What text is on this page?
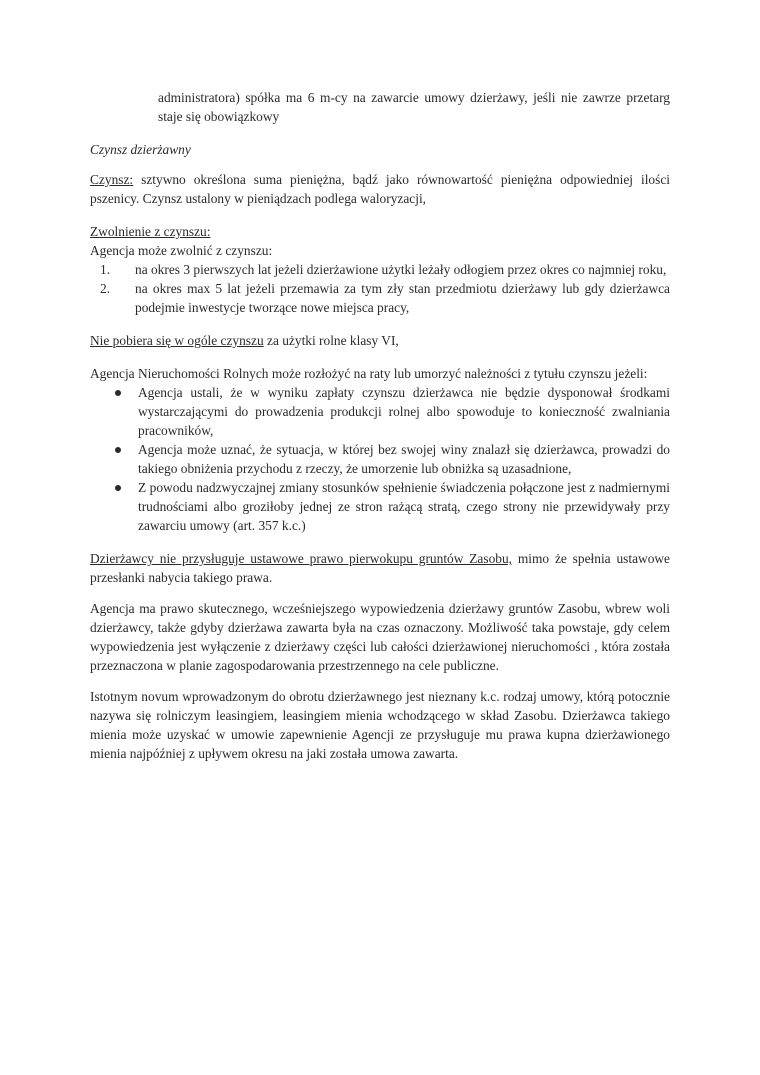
administratora) spółka ma 6 m-cy na zawarcie umowy dzierżawy, jeśli nie zawrze przetarg staje się obowiązkowy

Czynsz dzierżawny

Czynsz: sztywno określona suma pieniężna, bądź jako równowartość pieniężna odpowiedniej ilości pszenicy. Czynsz ustalony w pieniądzach podlega waloryzacji,

Zwolnienie z czynszu:

Agencja może zwolnić z czynszu:

1.	na okres 3 pierwszych lat jeżeli dzierżawione użytki leżały odłogiem przez okres co najmniej roku,
2.	na okres max 5 lat jeżeli przemawia za tym zły stan przedmiotu dzierżawy lub gdy dzierżawca podejmie inwestycje tworzące nowe miejsca pracy,

Nie pobiera się w ogóle czynszu za użytki rolne klasy VI,

Agencja Nieruchomości Rolnych może rozłożyć na raty lub umorzyć należności z tytułu czynszu jeżeli:

Agencja ustali, że w wyniku zapłaty czynszu dzierżawca nie będzie dysponował środkami wystarczającymi do prowadzenia produkcji rolnej albo spowoduje to konieczność zwalniania pracowników,
Agencja może uznać, że sytuacja, w której bez swojej winy znalazł się dzierżawca, prowadzi do takiego obniżenia przychodu z rzeczy, że umorzenie lub obniżka są uzasadnione,
Z powodu nadzwyczajnej zmiany stosunków spełnienie świadczenia połączone jest z nadmiernymi trudnościami albo groziłoby jednej ze stron rażącą stratą, czego strony nie przewidywały przy zawarciu umowy (art. 357 k.c.)

Dzierżawcy nie przysługuje ustawowe prawo pierwokupu gruntów Zasobu, mimo że spełnia ustawowe przesłanki nabycia takiego prawa.

Agencja ma prawo skutecznego, wcześniejszego wypowiedzenia dzierżawy gruntów Zasobu, wbrew woli dzierżawcy, także gdyby dzierżawa zawarta była na czas oznaczony. Możliwość taka powstaje, gdy celem wypowiedzenia jest wyłączenie z dzierżawy części lub całości dzierżawionej nieruchomości , która została przeznaczona w planie zagospodarowania przestrzennego na cele publiczne.

Istotnym novum wprowadzonym do obrotu dzierżawnego jest nieznany k.c. rodzaj umowy, którą potocznie nazywa się rolniczym leasingiem, leasingiem mienia wchodzącego w skład Zasobu. Dzierżawca takiego mienia może uzyskać w umowie zapewnienie Agencji ze przysługuje mu prawa kupna dzierżawionego mienia najpóźniej z upływem okresu na jaki została umowa zawarta.
